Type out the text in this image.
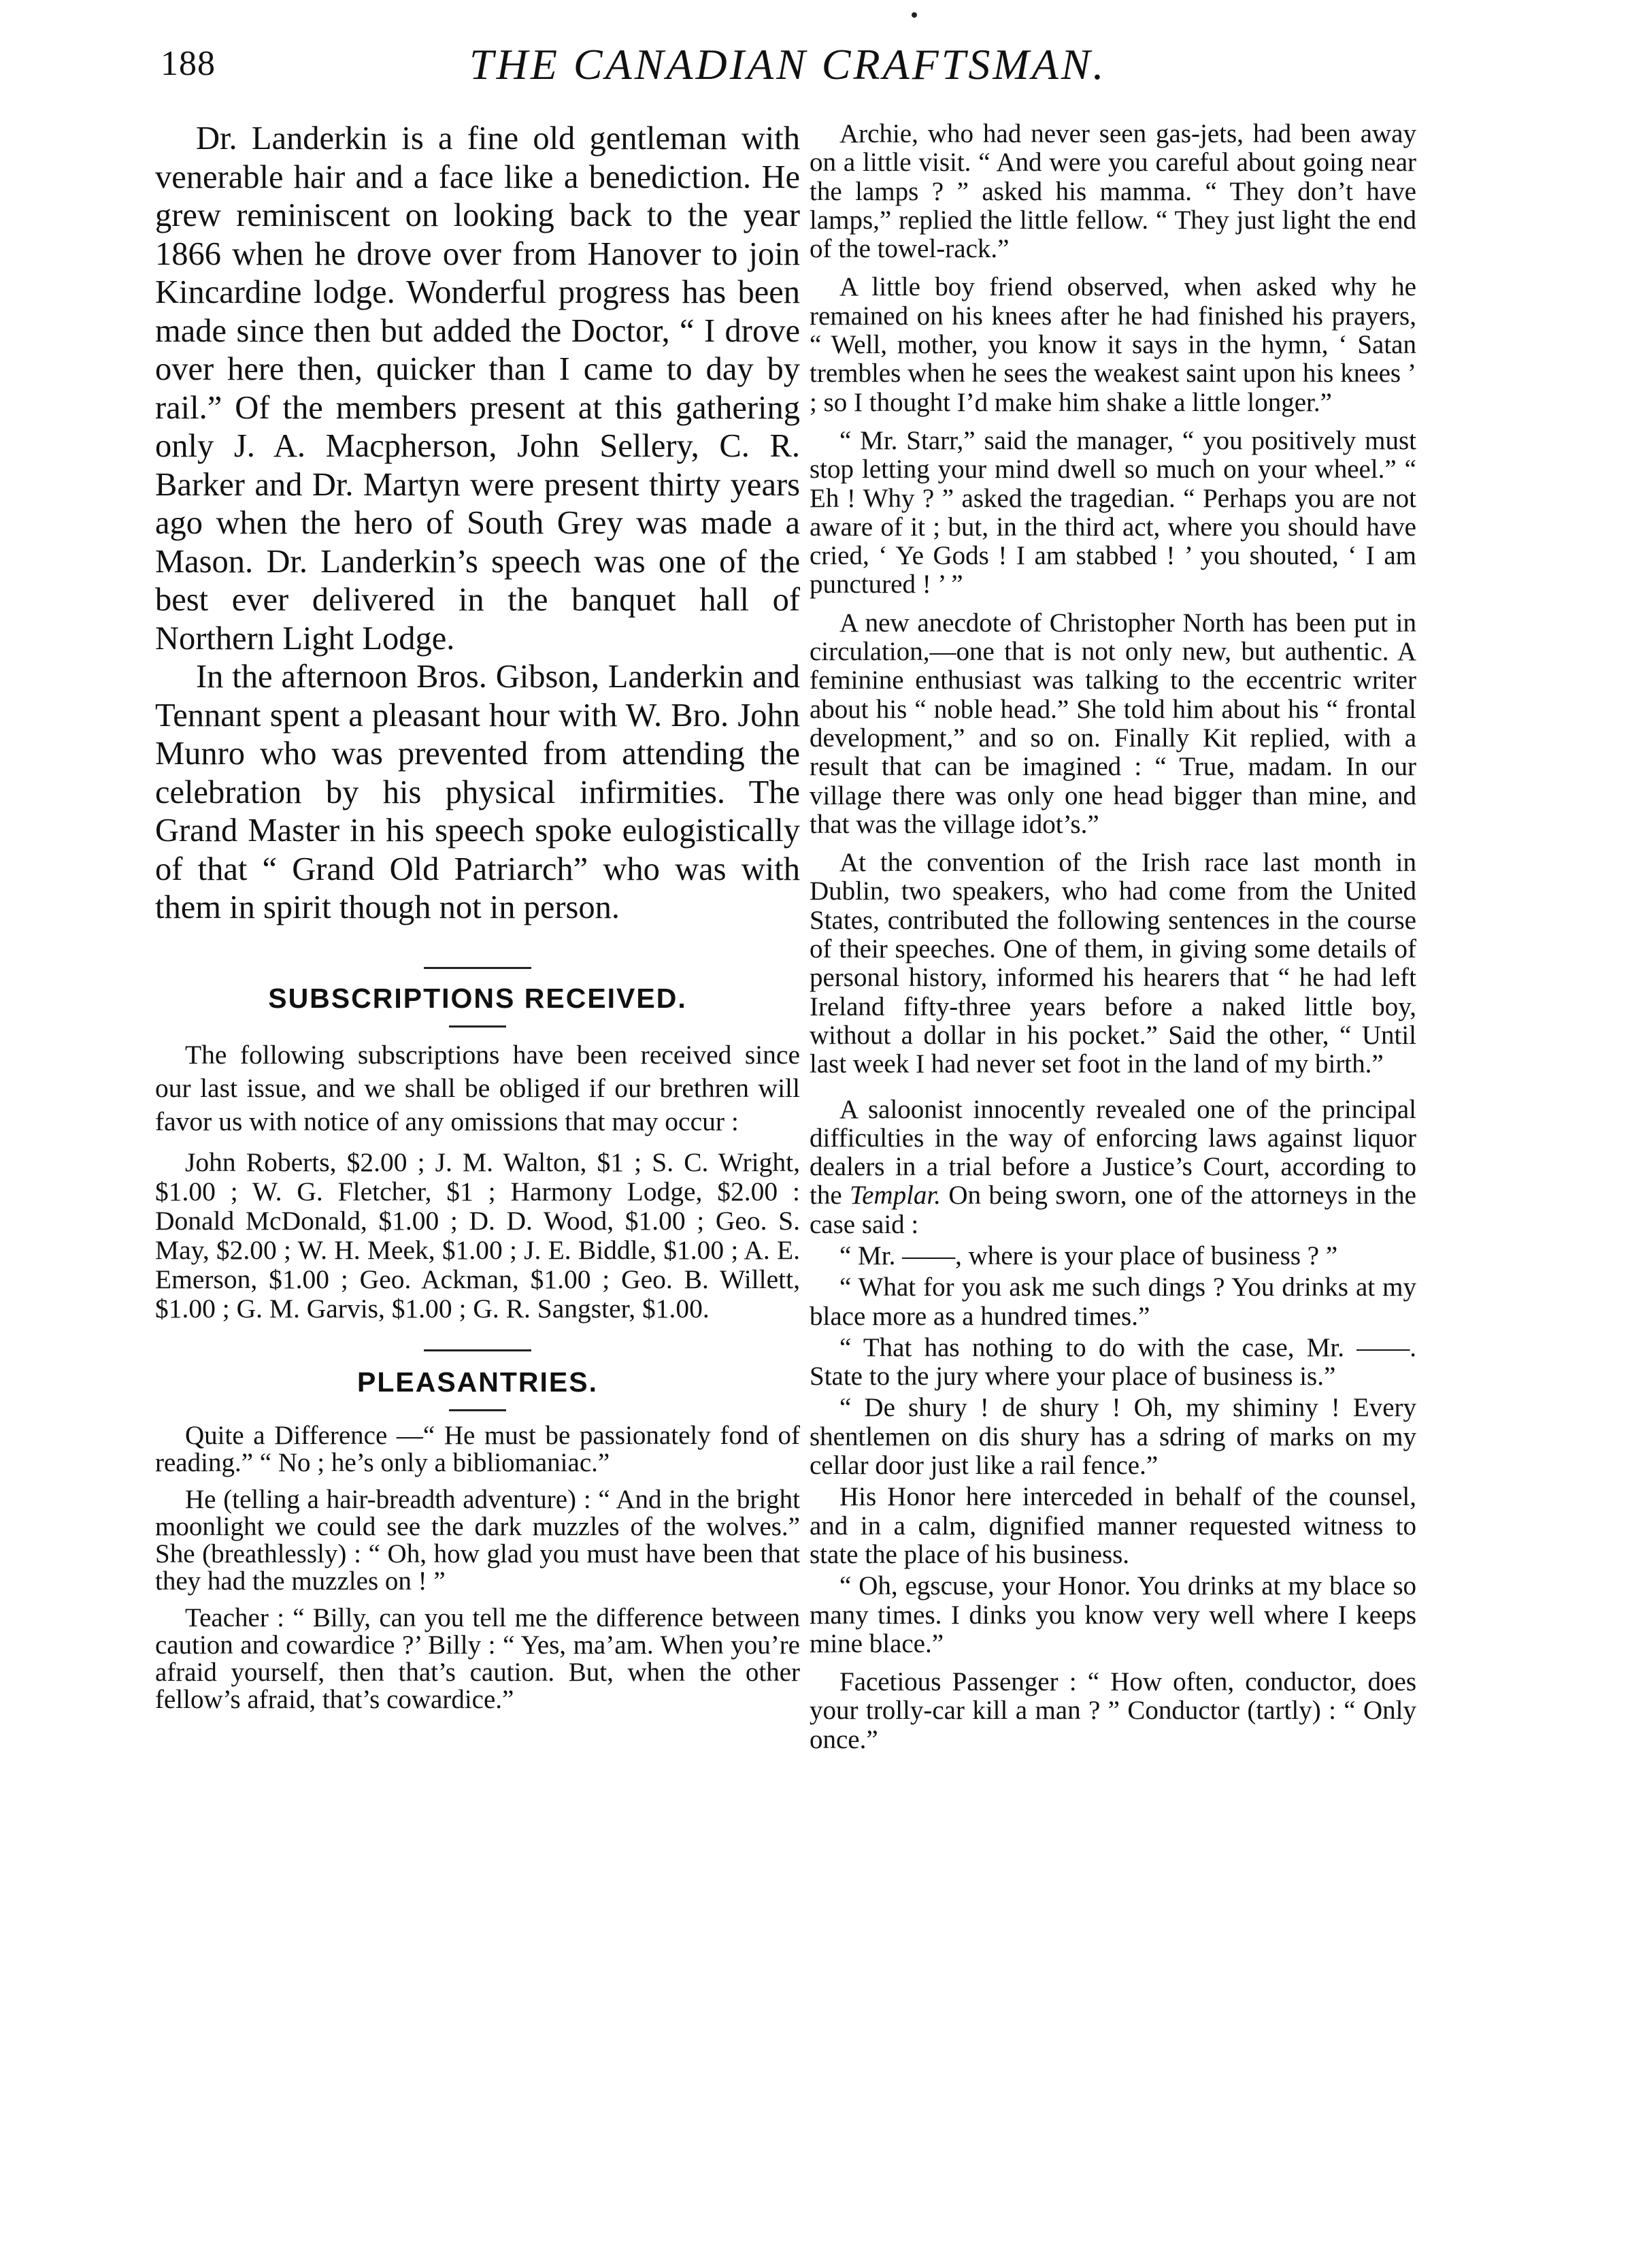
188	THE CANADIAN CRAFTSMAN.

Dr. Landerkin is a fine old gentleman with venerable hair and a face like a benediction. He grew reminiscent on looking back to the year 1866 when he drove over from Hanover to join Kincardine lodge. Wonderful progress has been made since then but added the Doctor, “ I drove over here then, quicker than I came to day by rail.” Of the members present at this gathering only J. A. Macpherson, John Sellery, C. R. Barker and Dr. Martyn were present thirty years ago when the hero of South Grey was made a Mason. Dr. Landerkin’s speech was one of the best ever delivered in the banquet hall of Northern Light Lodge.

In the afternoon Bros. Gibson, Landerkin and Tennant spent a pleasant hour with W. Bro. John Munro who was prevented from attending the celebration by his physical infirmities. The Grand Master in his speech spoke eulogistically of that “ Grand Old Patriarch” who was with them in spirit though not in person.

SUBSCRIPTIONS RECEIVED.

The following subscriptions have been received since our last issue, and we shall be obliged if our brethren will favor us with notice of any omissions that may occur :

John Roberts, $2.00 ; J. M. Walton, $1 ; S. C. Wright, $1.00 ; W. G. Fletcher, $1 ; Harmony Lodge, $2.00 : Donald McDonald, $1.00 ; D. D. Wood, $1.00 ; Geo. S. May, $2.00 ; W. H. Meek, $1.00 ; J. E. Biddle, $1.00 ; A. E. Emerson, $1.00 ; Geo. Ackman, $1.00 ; Geo. B. Willett, $1.00 ; G. M. Garvis, $1.00 ; G. R. Sangster, $1.00.

PLEASANTRIES.

Quite a Difference —“ He must be passionately fond of reading.” “ No ; he’s only a bibliomaniac.”

He (telling a hair-breadth adventure) : “ And in the bright moonlight we could see the dark muzzles of the wolves.” She (breathlessly) : “ Oh, how glad you must have been that they had the muzzles on ! ”

Teacher : “ Billy, can you tell me the difference between caution and cowardice ?’ Billy : “ Yes, ma’am. When you’re afraid yourself, then that’s caution. But, when the other fellow’s afraid, that’s cowardice.”

Archie, who had never seen gas-jets, had been away on a little visit. “ And were you careful about going near the lamps ? ” asked his mamma. “ They don’t have lamps,” replied the little fellow. “ They just light the end of the towel-rack.”

A little boy friend observed, when asked why he remained on his knees after he had finished his prayers, “ Well, mother, you know it says in the hymn, ‘ Satan trembles when he sees the weakest saint upon his knees ’ ; so I thought I’d make him shake a little longer.”

“ Mr. Starr,” said the manager, “ you positively must stop letting your mind dwell so much on your wheel.” “ Eh ! Why ? ” asked the tragedian. “ Perhaps you are not aware of it ; but, in the third act, where you should have cried, ‘ Ye Gods ! I am stabbed ! ’ you shouted, ‘ I am punctured ! ’ ”

A new anecdote of Christopher North has been put in circulation,—one that is not only new, but authentic. A feminine enthusiast was talking to the eccentric writer about his “ noble head.” She told him about his “ frontal development,” and so on. Finally Kit replied, with a result that can be imagined : “ True, madam. In our village there was only one head bigger than mine, and that was the village idot’s.”

At the convention of the Irish race last month in Dublin, two speakers, who had come from the United States, contributed the following sentences in the course of their speeches. One of them, in giving some details of personal history, informed his hearers that “ he had left Ireland fifty-three years before a naked little boy, without a dollar in his pocket.” Said the other, “ Until last week I had never set foot in the land of my birth.”

A saloonist innocently revealed one of the principal difficulties in the way of enforcing laws against liquor dealers in a trial before a Justice’s Court, according to the Templar. On being sworn, one of the attorneys in the case said :

“ Mr. ——, where is your place of business ? ”

“ What for you ask me such dings ? You drinks at my blace more as a hundred times.”

“ That has nothing to do with the case, Mr. ——. State to the jury where your place of business is.”

“ De shury ! de shury ! Oh, my shiminy ! Every shentlemen on dis shury has a sdring of marks on my cellar door just like a rail fence.”

His Honor here interceded in behalf of the counsel, and in a calm, dignified manner requested witness to state the place of his business.

“ Oh, egscuse, your Honor. You drinks at my blace so many times. I dinks you know very well where I keeps mine blace.”

Facetious Passenger : “ How often, conductor, does your trolly-car kill a man ? ” Conductor (tartly) : “ Only once.”
